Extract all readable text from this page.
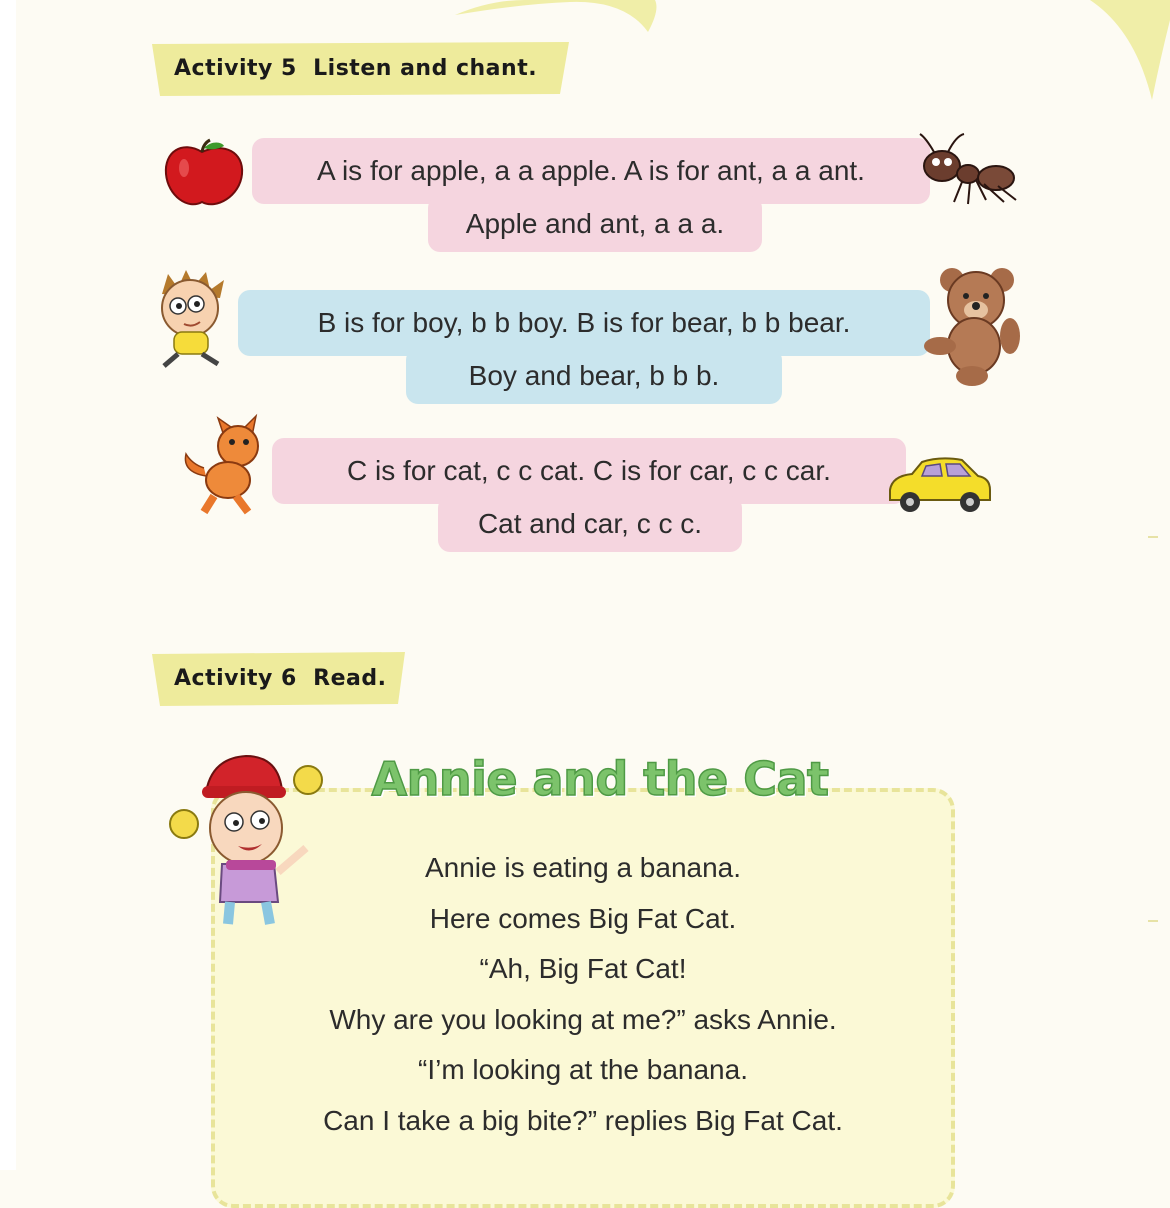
Activity 5  Listen and chant.
A is for apple, a a apple. A is for ant, a a ant.
Apple and ant, a a a.
B is for boy, b b boy. B is for bear, b b bear.
Boy and bear, b b b.
C is for cat, c c cat. C is for car, c c car.
Cat and car, c c c.
Activity 6  Read.
Annie and the Cat
Annie is eating a banana.
Here comes Big Fat Cat.
“Ah, Big Fat Cat!
Why are you looking at me?” asks Annie.
“I’m looking at the banana.
Can I take a big bite?” replies Big Fat Cat.
